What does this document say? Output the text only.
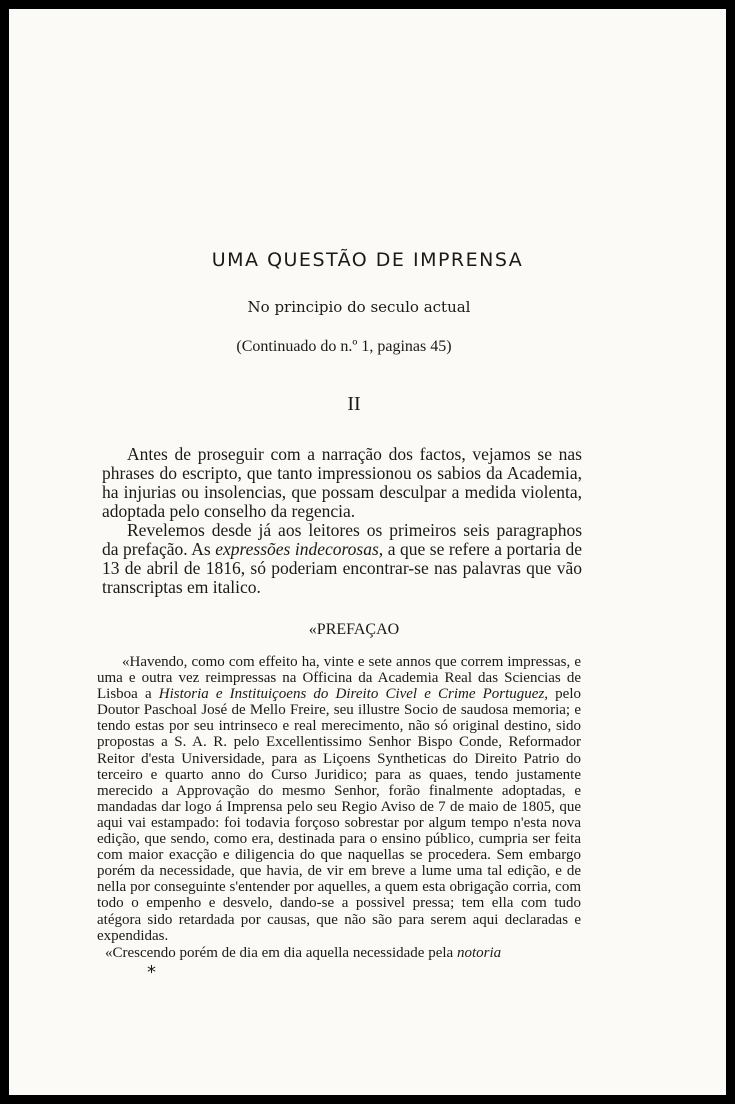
UMA QUESTÃO DE IMPRENSA
No principio do seculo actual
(Continuado do n.º 1, paginas 45)
II

Antes de proseguir com a narração dos factos, vejamos se nas phrases do escripto, que tanto impressionou os sabios da Academia, ha injurias ou insolencias, que possam desculpar a medida violenta, adoptada pelo conselho da regencia.

Revelemos desde já aos leitores os primeiros seis paragraphos da prefação. As expressões indecorosas, a que se refere a portaria de 13 de abril de 1816, só poderiam encontrar-se nas palavras que vão transcriptas em italico.

«PREFAÇAO

«Havendo, como com effeito ha, vinte e sete annos que correm impressas, e uma e outra vez reimpressas na Officina da Academia Real das Sciencias de Lisboa a Historia e Instituiçoens do Direito Civel e Crime Portuguez, pelo Doutor Paschoal José de Mello Freire, seu illustre Socio de saudosa memoria; e tendo estas por seu intrinseco e real merecimento, não só original destino, sido propostas a S. A. R. pelo Excellentissimo Senhor Bispo Conde, Reformador Reitor d'esta Universidade, para as Liçoens Syntheticas do Direito Patrio do terceiro e quarto anno do Curso Juridico; para as quaes, tendo justamente merecido a Approvação do mesmo Senhor, forão finalmente adoptadas, e mandadas dar logo á Imprensa pelo seu Regio Aviso de 7 de maio de 1805, que aqui vai estampado: foi todavia forçoso sobrestar por algum tempo n'esta nova edição, que sendo, como era, destinada para o ensino público, cumpria ser feita com maior exacção e diligencia do que naquellas se procedera. Sem embargo porém da necessidade, que havia, de vir em breve a lume uma tal edição, e de nella por conseguinte s'entender por aquelles, a quem esta obrigação corria, com todo o empenho e desvelo, dando-se a possivel pressa; tem ella com tudo atégora sido retardada por causas, que não são para serem aqui declaradas e expendidas.

«Crescendo porém de dia em dia aquella necessidade pela notoria

*
